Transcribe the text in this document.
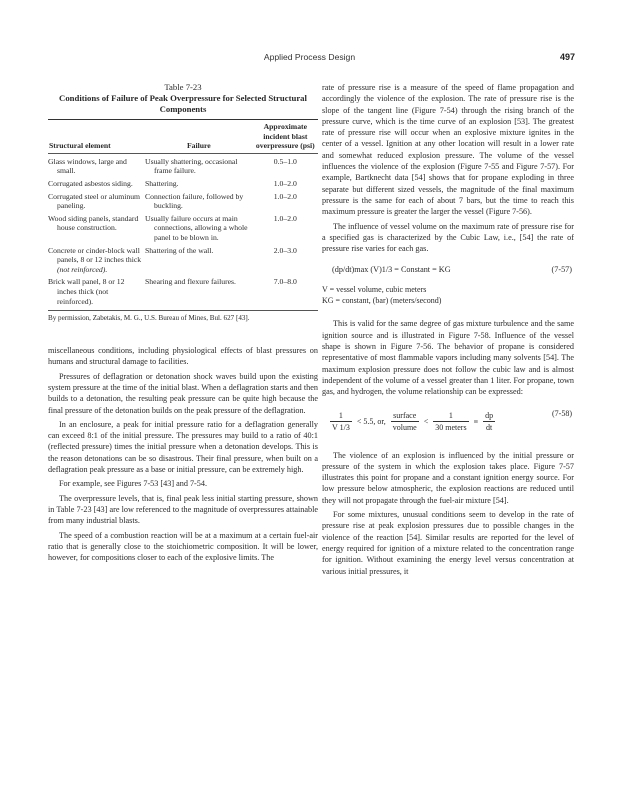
Applied Process Design	497
Table 7-23
Conditions of Failure of Peak Overpressure for Selected Structural Components
Structural element	Failure	Approximate incident blast overpressure (psi)

Glass windows, large and small.	Usually shattering, occasional frame failure.	0.5–1.0
Corrugated asbestos siding.	Shattering.	1.0–2.0
Corrugated steel or aluminum paneling.	Connection failure, followed by buckling.	1.0–2.0
Wood siding panels, standard house construction.	Usually failure occurs at main connections, allowing a whole panel to be blown in.	1.0–2.0
Concrete or cinder-block wall panels, 8 or 12 inches thick (not reinforced).	Shattering of the wall.	2.0–3.0
Brick wall panel, 8 or 12 inches thick (not reinforced).	Shearing and flexure failures.	7.0–8.0
By permission, Zabetakis, M. G., U.S. Bureau of Mines, Bul. 627 [43].

miscellaneous conditions, including physiological effects of blast pressures on humans and structural damage to facilities.

Pressures of deflagration or detonation shock waves build upon the existing system pressure at the time of the initial blast. When a deflagration starts and then builds to a detonation, the resulting peak pressure can be quite high because the final pressure of the detonation builds on the peak pressure of the deflagration.

In an enclosure, a peak for initial pressure ratio for a deflagration generally can exceed 8:1 of the initial pressure. The pressures may build to a ratio of 40:1 (reflected pressure) times the initial pressure when a detonation develops. This is the reason detonations can be so disastrous. Their final pressure, when built on a deflagration peak pressure as a base or initial pressure, can be extremely high.

For example, see Figures 7-53 [43] and 7-54.

The overpressure levels, that is, final peak less initial starting pressure, shown in Table 7-23 [43] are low referenced to the magnitude of overpressures attainable from many industrial blasts.

The speed of a combustion reaction will be at a maximum at a certain fuel-air ratio that is generally close to the stoichiometric composition. It will be lower, however, for compositions closer to each of the explosive limits. The

rate of pressure rise is a measure of the speed of flame propagation and accordingly the violence of the explosion. The rate of pressure rise is the slope of the tangent line (Figure 7-54) through the rising branch of the pressure curve, which is the time curve of an explosion [53]. The greatest rate of pressure rise will occur when an explosive mixture ignites in the center of a vessel. Ignition at any other location will result in a lower rate and somewhat reduced explosion pressure. The volume of the vessel influences the violence of the explosion (Figure 7-55 and Figure 7-57). For example, Bartknecht data [54] shows that for propane exploding in three separate but different sized vessels, the magnitude of the final maximum pressure is the same for each of about 7 bars, but the time to reach this maximum pressure is greater the larger the vessel (Figure 7-56).

The influence of vessel volume on the maximum rate of pressure rise for a specified gas is characterized by the Cubic Law, i.e., [54] the rate of pressure rise varies for each gas.

(dp/dt)max (V)1/3 = Constant = KG	(7-57)
V = vessel volume, cubic meters
KG = constant, (bar) (meters/second)

This is valid for the same degree of gas mixture turbulence and the same ignition source and is illustrated in Figure 7-58. Influence of the vessel shape is shown in Figure 7-56. The behavior of propane is considered representative of most flammable vapors including many solvents [54]. The maximum explosion pressure does not follow the cubic law and is almost independent of the volume of a vessel greater than 1 liter. For propane, town gas, and hydrogen, the volume relationship can be expressed:

$\frac{1}{V 1/3} < 5.5$, or, $\frac{\text{surface}}{\text{volume}} < \frac{1}{\text{30 meters}} \equiv \frac{dp}{dt}$	(7-58)

The violence of an explosion is influenced by the initial pressure or pressure of the system in which the explosion takes place. Figure 7-57 illustrates this point for propane and a constant ignition energy source. For low pressure below atmospheric, the explosion reactions are reduced until they will not propagate through the fuel-air mixture [54].

For some mixtures, unusual conditions seem to develop in the rate of pressure rise at peak explosion pressures due to possible changes in the violence of the reaction [54]. Similar results are reported for the level of energy required for ignition of a mixture related to the concentration range for ignition. Without examining the energy level versus concentration at various initial pressures, it
